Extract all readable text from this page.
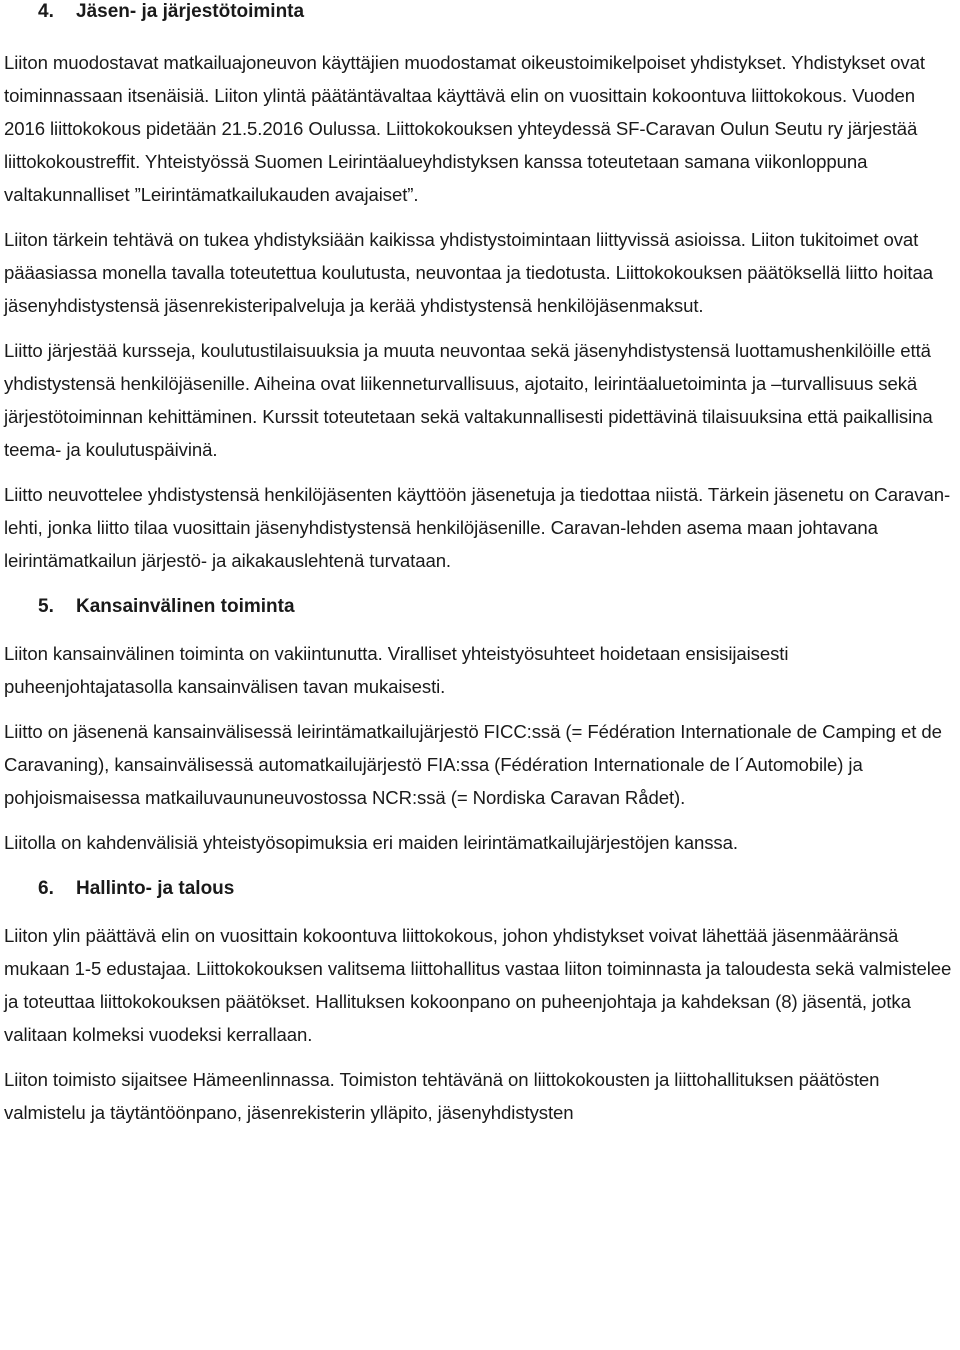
4.	Jäsen- ja järjestötoiminta

Liiton muodostavat matkailuajoneuvon käyttäjien muodostamat oikeustoimikelpoiset yhdistykset. Yhdistykset ovat toiminnassaan itsenäisiä. Liiton ylintä päätäntävaltaa käyttävä elin on vuosittain kokoontuva liittokokous. Vuoden 2016 liittokokous pidetään 21.5.2016 Oulussa. Liittokokouksen yhteydessä SF-Caravan Oulun Seutu ry järjestää liittokokoustreffit. Yhteistyössä Suomen Leirintäalueyhdistyksen kanssa toteutetaan samana viikonloppuna valtakunnalliset ”Leirintämatkailukauden avajaiset”.

Liiton tärkein tehtävä on tukea yhdistyksiään kaikissa yhdistystoimintaan liittyvissä asioissa. Liiton tukitoimet ovat pääasiassa monella tavalla toteutettua koulutusta, neuvontaa ja tiedotusta. Liittokokouksen päätöksellä liitto hoitaa jäsenyhdistystensä jäsenrekisteripalveluja ja kerää yhdistystensä henkilöjäsenmaksut.

Liitto järjestää kursseja, koulutustilaisuuksia ja muuta neuvontaa sekä jäsenyhdistystensä luottamushenkilöille että yhdistystensä henkilöjäsenille. Aiheina ovat liikenneturvallisuus, ajotaito, leirintäaluetoiminta ja –turvallisuus sekä järjestötoiminnan kehittäminen. Kurssit toteutetaan sekä valtakunnallisesti pidettävinä tilaisuuksina että paikallisina teema- ja koulutuspäivinä.

Liitto neuvottelee yhdistystensä henkilöjäsenten käyttöön jäsenetuja ja tiedottaa niistä. Tärkein jäsenetu on Caravan-lehti, jonka liitto tilaa vuosittain jäsenyhdistystensä henkilöjäsenille. Caravan-lehden asema maan johtavana leirintämatkailun järjestö- ja aikakauslehtenä turvataan.

5.	Kansainvälinen toiminta

Liiton kansainvälinen toiminta on vakiintunutta. Viralliset yhteistyösuhteet hoidetaan ensisijaisesti puheenjohtajatasolla kansainvälisen tavan mukaisesti.

Liitto on jäsenenä kansainvälisessä leirintämatkailujärjestö FICC:ssä (= Fédération Internationale de Camping et de Caravaning), kansainvälisessä automatkailujärjestö FIA:ssa (Fédération Internationale de l´Automobile) ja pohjoismaisessa matkailuvaununeuvostossa NCR:ssä (= Nordiska Caravan Rådet).

Liitolla on kahdenvälisiä yhteistyösopimuksia eri maiden leirintämatkailujärjestöjen kanssa.

6.	Hallinto- ja talous

Liiton ylin päättävä elin on vuosittain kokoontuva liittokokous, johon yhdistykset voivat lähettää jäsenmääränsä mukaan 1-5 edustajaa. Liittokokouksen valitsema liittohallitus vastaa liiton toiminnasta ja taloudesta sekä valmistelee ja toteuttaa liittokokouksen päätökset. Hallituksen kokoonpano on puheenjohtaja ja kahdeksan (8) jäsentä, jotka valitaan kolmeksi vuodeksi kerrallaan.

Liiton toimisto sijaitsee Hämeenlinnassa. Toimiston tehtävänä on liittokokousten ja liittohallituksen päätösten valmistelu ja täytäntöönpano, jäsenrekisterin ylläpito, jäsenyhdistysten
